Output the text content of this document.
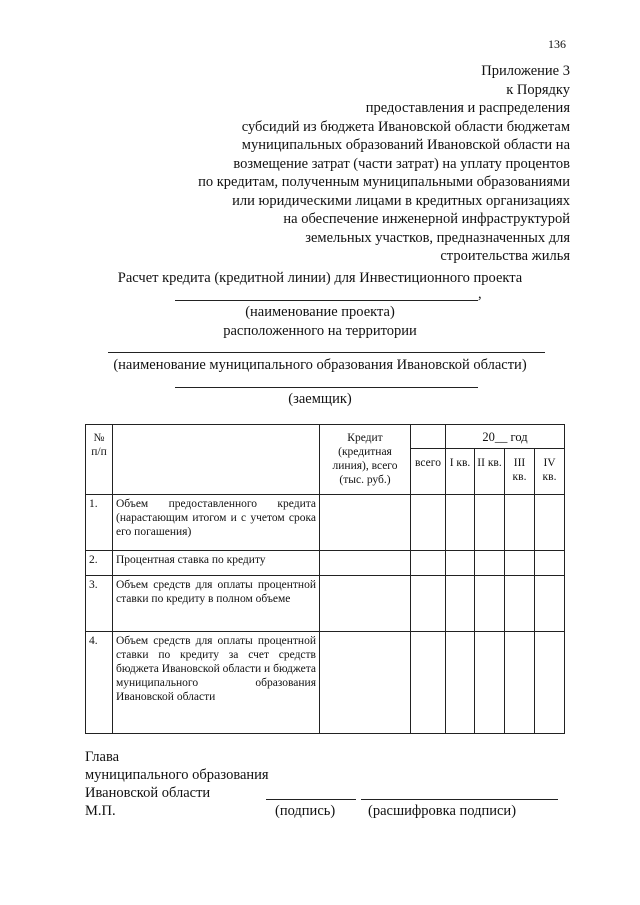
136
Приложение 3
к Порядку
предоставления и распределения
субсидий из бюджета Ивановской области бюджетам
муниципальных образований Ивановской области на
возмещение затрат (части затрат) на уплату процентов
по кредитам, полученным муниципальными образованиями
или юридическими лицами в кредитных организациях
на обеспечение инженерной инфраструктурой
земельных участков, предназначенных для
строительства жилья
Расчет кредита (кредитной линии) для Инвестиционного проекта
,
(наименование проекта)
расположенного на территории
(наименование муниципального образования Ивановской области)
(заемщик)
№ п/п		Кредит (кредитная линия), всего (тыс. руб.)		20__ год			
			всего	I кв.	II кв.	III кв.	IV кв.
1.	Объем предоставленного кредита (нарастающим итогом и с учетом срока его погашения)						
2.	Процентная ставка по кредиту						
3.	Объем средств для оплаты процентной ставки по кредиту в полном объеме						
4.	Объем средств для оплаты процентной ставки по кредиту за счет средств бюджета Ивановской области и бюджета муниципального образования Ивановской области						
Глава
муниципального образования
Ивановской области
М.П.	(подпись) (расшифровка подписи)
